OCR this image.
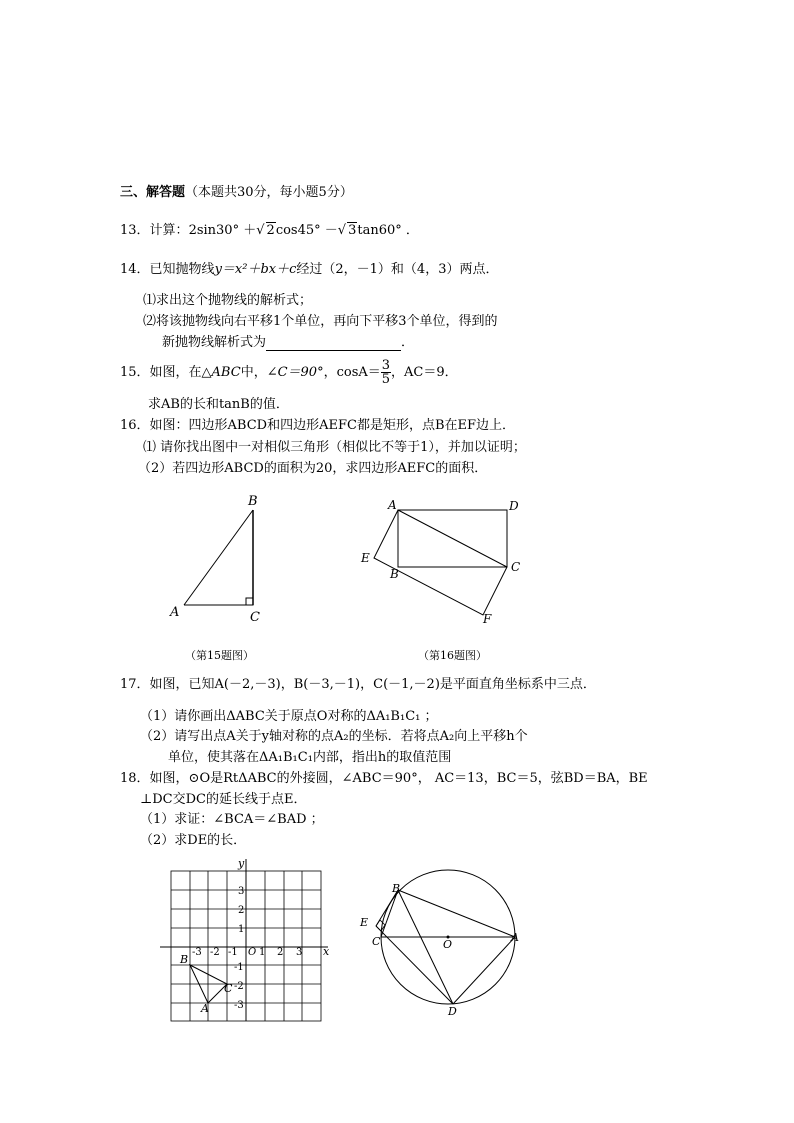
三、解答题（本题共30分，每小题5分）
13．计算：2sin30° ＋√ 2cos45° －√ 3tan60° ．
14．已知抛物线y＝x²＋bx＋c经过（2，－1）和（4，3）两点．
⑴求出这个抛物线的解析式；
⑵将该抛物线向右平移1个单位，再向下平移3个单位，得到的
新抛物线解析式为	．
15．如图，在△ABC中，∠C＝90°，$\cos A= \frac{3}{5}$ ，AC＝9．
求AB的长和tanB的值．
16．如图：四边形ABCD和四边形AEFC都是矩形，点B在EF边上．
⑴ 请你找出图中一对相似三角形（相似比不等于1），并加以证明；
（2）若四边形ABCD的面积为20，求四边形AEFC的面积．
B
A	C
（第15题图）
A	D
E
B	C
F
（第16题图）
17．如图，已知A(－2,－3)，B(－3,－1)，C(－1,－2)是平面直角坐标系中三点．
（1）请你画出ΔABC关于原点O对称的ΔA₁B₁C₁ ；
（2）请写出点A关于y轴对称的点A₂的坐标．若将点A₂向上平移h个
单位，使其落在ΔA₁B₁C₁内部，指出h的取值范围
18．如图，⊙O是RtΔABC的外接圆，∠ABC＝90°， AC＝13，BC＝5，弦BD＝BA，BE
⊥DC交DC的延长线于点E．
（1）求证：∠BCA＝∠BAD ；
（2）求DE的长．
x
y
O
-3 -2 -1 1 2 3
3
2
1
-1
-2
-3
B
C
A
B
E
C	O
A
D
